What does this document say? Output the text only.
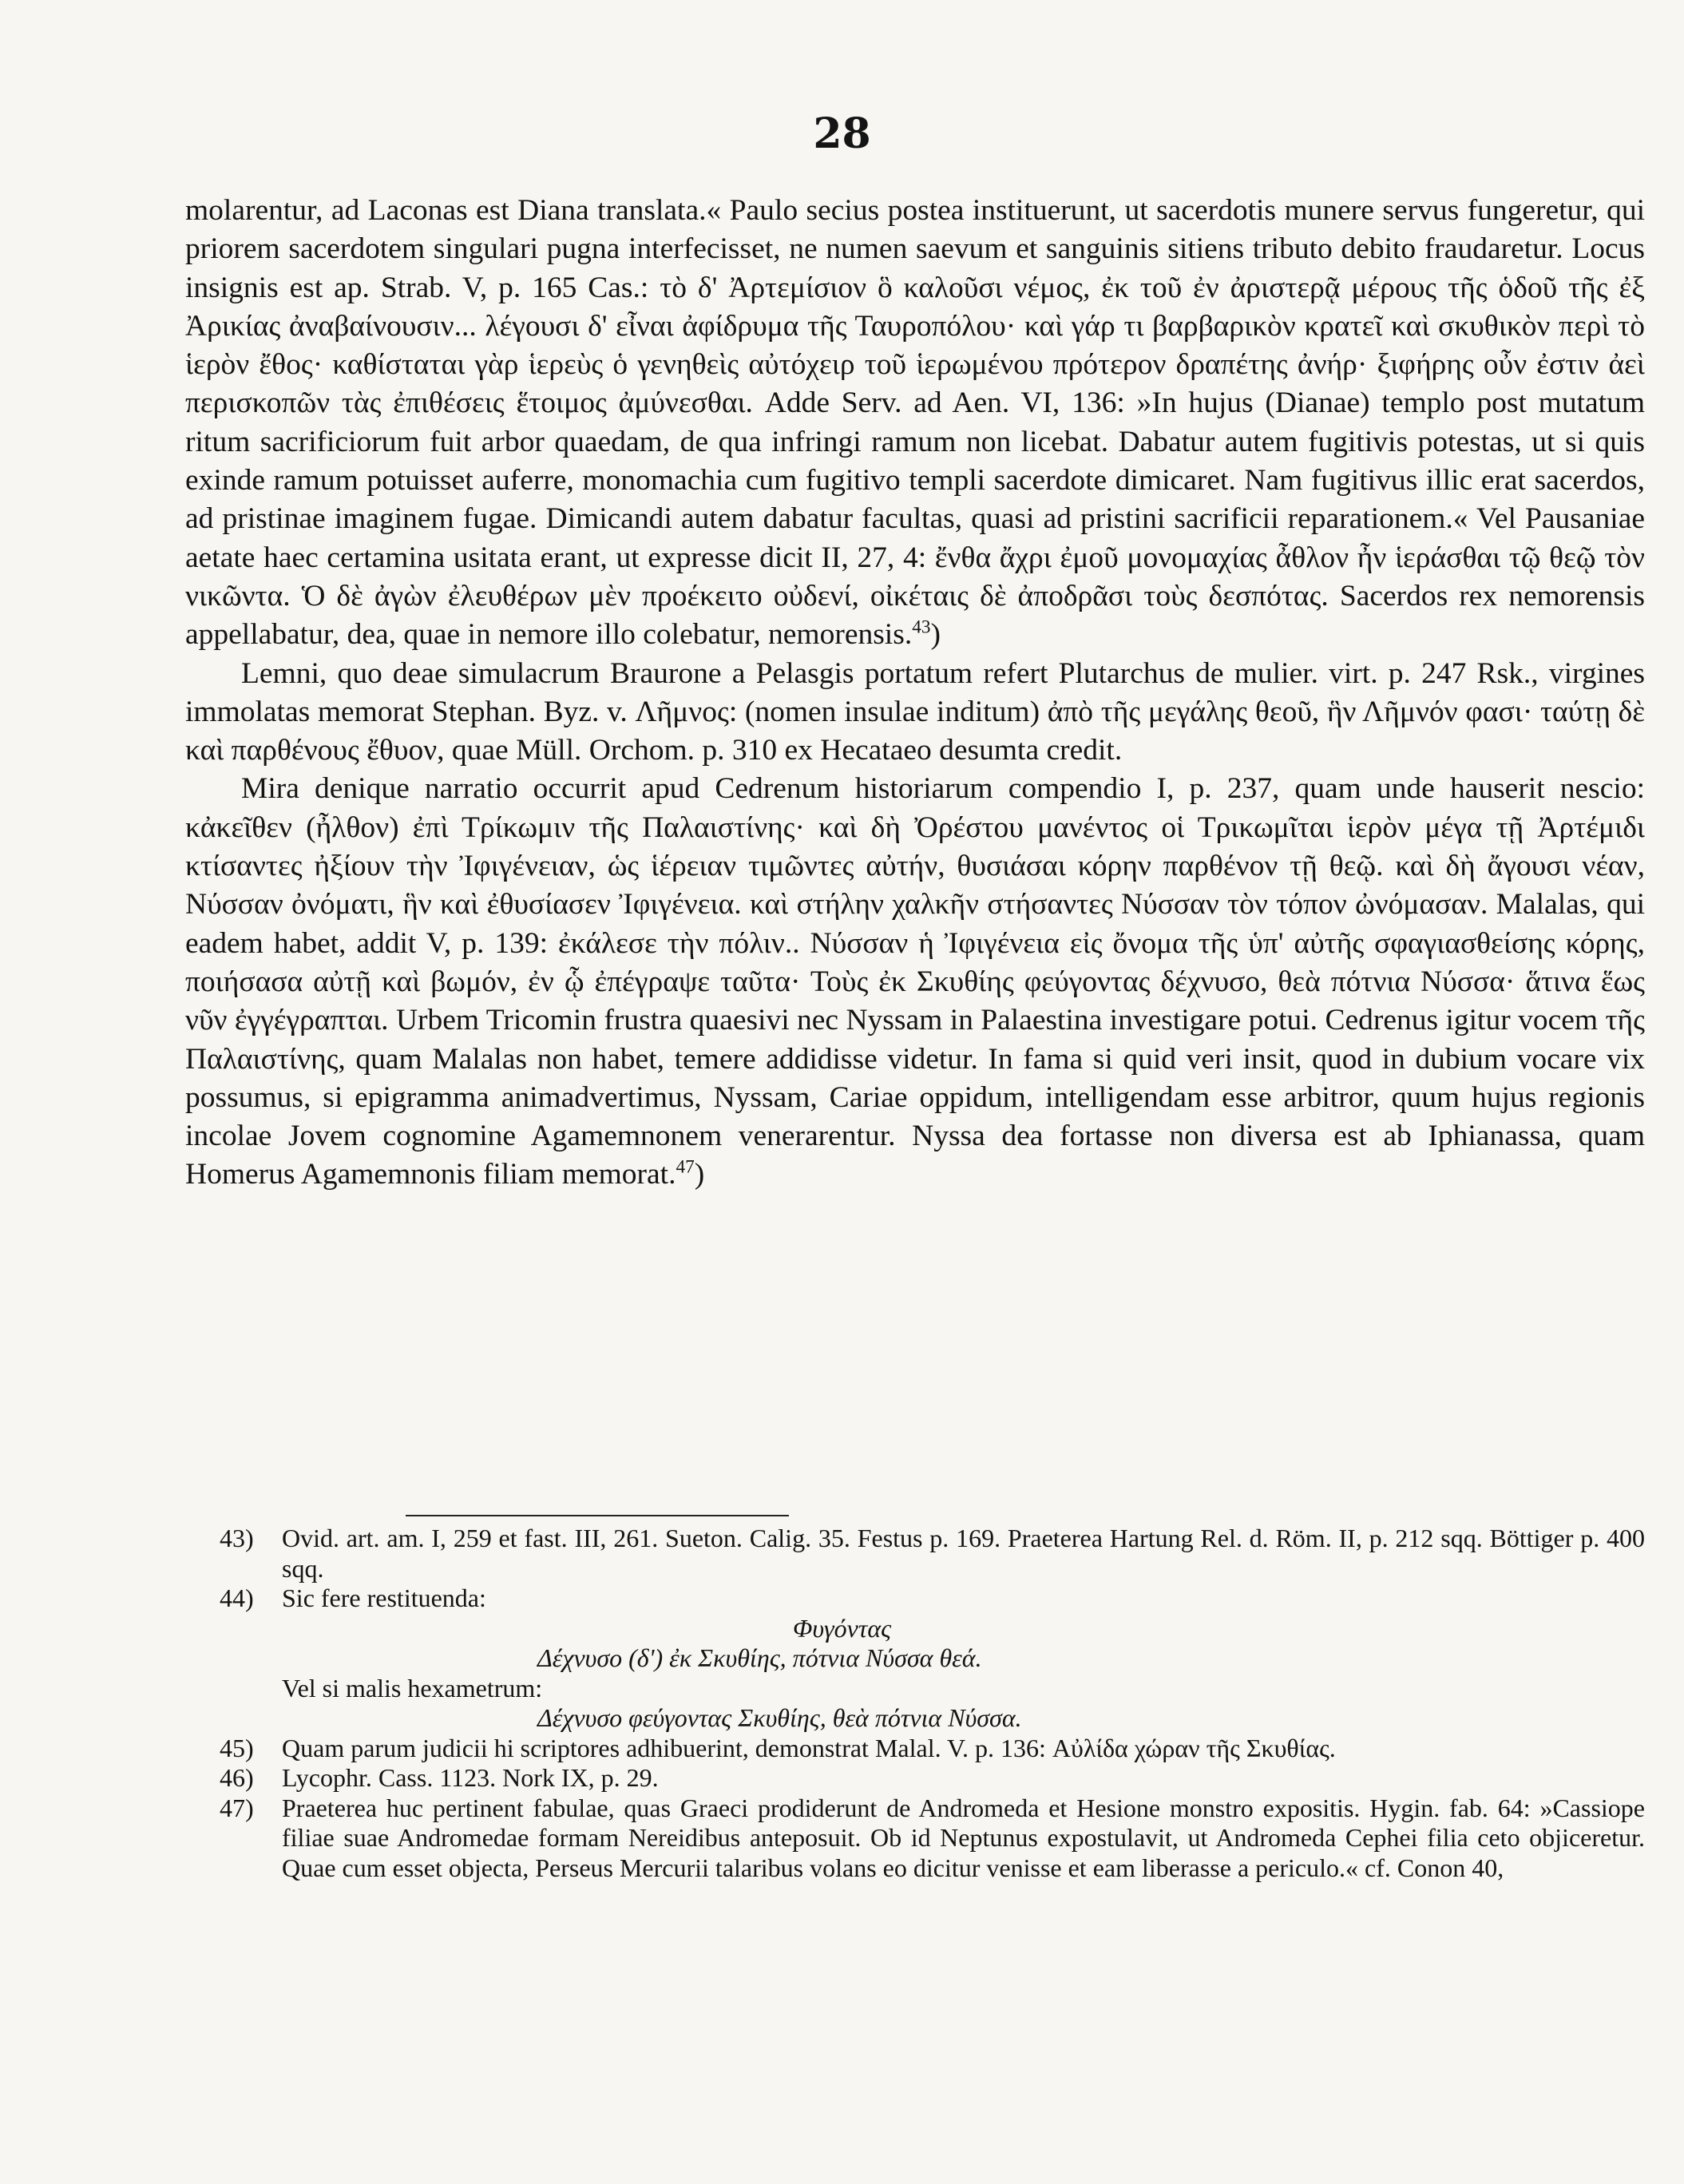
28

molarentur, ad Laconas est Diana translata.« Paulo secius postea instituerunt, ut sacerdotis munere servus fungeretur, qui priorem sacerdotem singulari pugna interfecisset, ne numen saevum et sanguinis sitiens tributo debito fraudaretur. Locus insignis est ap. Strab. V, p. 165 Cas.: τὸ δ' Ἀρτεμίσιον ὃ καλοῦσι νέμος, ἐκ τοῦ ἐν ἀριστερᾷ μέρους τῆς ὁδοῦ τῆς ἐξ Ἀρικίας ἀναβαίνουσιν... λέγουσι δ' εἶναι ἀφίδρυμα τῆς Ταυροπόλου· καὶ γάρ τι βαρβαρικὸν κρατεῖ καὶ σκυθικὸν περὶ τὸ ἱερὸν ἔθος· καθίσταται γὰρ ἱερεὺς ὁ γενηθεὶς αὐτόχειρ τοῦ ἱερωμένου πρότερον δραπέτης ἀνήρ· ξιφήρης οὖν ἐστιν ἀεὶ περισκοπῶν τὰς ἐπιθέσεις ἕτοιμος ἀμύνεσθαι. Adde Serv. ad Aen. VI, 136: »In hujus (Dianae) templo post mutatum ritum sacrificiorum fuit arbor quaedam, de qua infringi ramum non licebat. Dabatur autem fugitivis potestas, ut si quis exinde ramum potuisset auferre, monomachia cum fugitivo templi sacerdote dimicaret. Nam fugitivus illic erat sacerdos, ad pristinae imaginem fugae. Dimicandi autem dabatur facultas, quasi ad pristini sacrificii reparationem.« Vel Pausaniae aetate haec certamina usitata erant, ut expresse dicit II, 27, 4: ἔνθα ἄχρι ἐμοῦ μονομαχίας ἆθλον ἦν ἱεράσθαι τῷ θεῷ τὸν νικῶντα. Ὁ δὲ ἀγὼν ἐλευθέρων μὲν προέκειτο οὐδενί, οἰκέταις δὲ ἀποδρᾶσι τοὺς δεσπότας. Sacerdos rex nemorensis appellabatur, dea, quae in nemore illo colebatur, nemorensis.$^{43}$)

Lemni, quo deae simulacrum Braurone a Pelasgis portatum refert Plutarchus de mulier. virt. p. 247 Rsk., virgines immolatas memorat Stephan. Byz. v. Λῆμνος: (nomen insulae inditum) ἀπὸ τῆς μεγάλης θεοῦ, ἣν Λῆμνόν φασι· ταύτῃ δὲ καὶ παρθένους ἔθυον, quae Müll. Orchom. p. 310 ex Hecataeo desumta credit.

Mira denique narratio occurrit apud Cedrenum historiarum compendio I, p. 237, quam unde hauserit nescio: κἀκεῖθεν (ἦλθον) ἐπὶ Τρίκωμιν τῆς Παλαιστίνης· καὶ δὴ Ὀρέστου μανέντος οἱ Τρικωμῖται ἱερὸν μέγα τῇ Ἀρτέμιδι κτίσαντες ἠξίουν τὴν Ἰφιγένειαν, ὡς ἱέρειαν τιμῶντες αὐτήν, θυσιάσαι κόρην παρθένον τῇ θεῷ. καὶ δὴ ἄγουσι νέαν, Νύσσαν ὀνόματι, ἣν καὶ ἐθυσίασεν Ἰφιγένεια. καὶ στήλην χαλκῆν στήσαντες Νύσσαν τὸν τόπον ὠνόμασαν. Malalas, qui eadem habet, addit V, p. 139: ἐκάλεσε τὴν πόλιν.. Νύσσαν ἡ Ἰφιγένεια εἰς ὄνομα τῆς ὑπ' αὐτῆς σφαγιασθείσης κόρης, ποιήσασα αὐτῇ καὶ βωμόν, ἐν ᾧ ἐπέγραψε ταῦτα· Τοὺς ἐκ Σκυθίης φεύγοντας δέχνυσο, θεὰ πότνια Νύσσα· ἅτινα ἕως νῦν ἐγγέγραπται. Urbem Tricomin frustra quaesivi nec Nyssam in Palaestina investigare potui. Cedrenus igitur vocem τῆς Παλαιστίνης, quam Malalas non habet, temere addidisse videtur. In fama si quid veri insit, quod in dubium vocare vix possumus, si epigramma animadvertimus, Nyssam, Cariae oppidum, intelligendam esse arbitror, quum hujus regionis incolae Jovem cognomine Agamemnonem venerarentur. Nyssa dea fortasse non diversa est ab Iphianassa, quam Homerus Agamemnonis filiam memorat.$^{47}$)

43) Ovid. art. am. I, 259 et fast. III, 261. Sueton. Calig. 35. Festus p. 169. Praeterea Hartung Rel. d. Röm. II, p. 212 sqq. Böttiger p. 400 sqq.

44) Sic fere restituenda:

Φυγόντας

Δέχνυσο (δ') ἐκ Σκυθίης, πότνια Νύσσα θεά.

Vel si malis hexametrum:

Δέχνυσο φεύγοντας Σκυθίης, θεὰ πότνια Νύσσα.

45) Quam parum judicii hi scriptores adhibuerint, demonstrat Malal. V. p. 136: Αὐλίδα χώραν τῆς Σκυθίας.

46) Lycophr. Cass. 1123. Nork IX, p. 29.

47) Praeterea huc pertinent fabulae, quas Graeci prodiderunt de Andromeda et Hesione monstro expositis. Hygin. fab. 64: »Cassiope filiae suae Andromedae formam Nereidibus anteposuit. Ob id Neptunus expostulavit, ut Andromeda Cephei filia ceto objiceretur. Quae cum esset objecta, Perseus Mercurii talaribus volans eo dicitur venisse et eam liberasse a periculo.« cf. Conon 40,
